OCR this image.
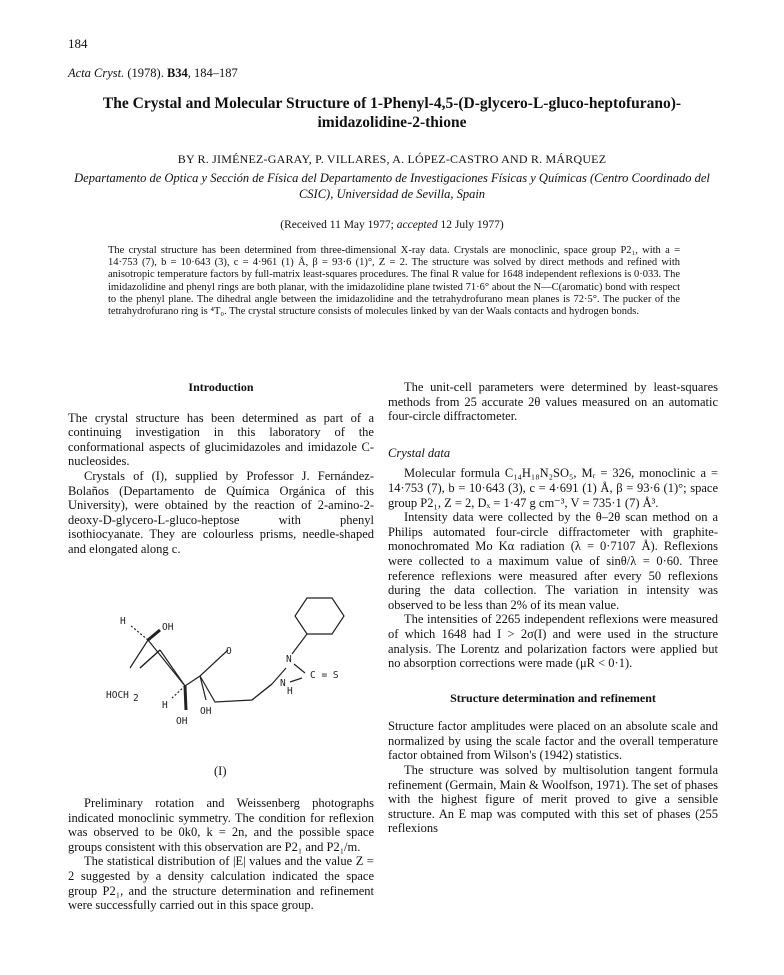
184
Acta Cryst. (1978). B34, 184–187
The Crystal and Molecular Structure of 1-Phenyl-4,5-(D-glycero-L-gluco-heptofurano)-imidazolidine-2-thione
BY R. JIMÉNEZ-GARAY, P. VILLARES, A. LÓPEZ-CASTRO AND R. MÁRQUEZ
Departamento de Optica y Sección de Física del Departamento de Investigaciones Físicas y Químicas (Centro Coordinado del CSIC), Universidad de Sevilla, Spain
(Received 11 May 1977; accepted 12 July 1977)
The crystal structure has been determined from three-dimensional X-ray data. Crystals are monoclinic, space group P2₁, with a = 14·753 (7), b = 10·643 (3), c = 4·961 (1) Å, β = 93·6 (1)°, Z = 2. The structure was solved by direct methods and refined with anisotropic temperature factors by full-matrix least-squares procedures. The final R value for 1648 independent reflexions is 0·033. The imidazolidine and phenyl rings are both planar, with the imidazolidine plane twisted 71·6° about the N—C(aromatic) bond with respect to the phenyl plane. The dihedral angle between the imidazolidine and the tetrahydrofurano mean planes is 72·5°. The pucker of the tetrahydrofurano ring is ⁴T₀. The crystal structure consists of molecules linked by van der Waals contacts and hydrogen bonds.
Introduction

The crystal structure has been determined as part of a continuing investigation in this laboratory of the conformational aspects of glucimidazoles and imidazole C-nucleosides.

Crystals of (I), supplied by Professor J. Fernández-Bolaños (Departamento de Química Orgánica of this University), were obtained by the reaction of 2-amino-2-deoxy-D-glycero-L-gluco-heptose with phenyl isothiocyanate. They are colourless prisms, needle-shaped and elongated along c.

H
OH
O
N
C = S
N
H
HOCH 2
H
OH
OH
(I)

Preliminary rotation and Weissenberg photographs indicated monoclinic symmetry. The condition for reflexion was observed to be 0k0, k = 2n, and the possible space groups consistent with this observation are P2₁ and P2₁/m.

The statistical distribution of |E| values and the value Z = 2 suggested by a density calculation indicated the space group P2₁, and the structure determination and refinement were successfully carried out in this space group.

The unit-cell parameters were determined by least-squares methods from 25 accurate 2θ values measured on an automatic four-circle diffractometer.

Crystal data

Molecular formula C₁₄H₁₈N₂SO₅, Mᵣ = 326, monoclinic a = 14·753 (7), b = 10·643 (3), c = 4·691 (1) Å, β = 93·6 (1)°; space group P2₁, Z = 2, Dₓ = 1·47 g cm⁻³, V = 735·1 (7) Å³.

Intensity data were collected by the θ–2θ scan method on a Philips automated four-circle diffractometer with graphite-monochromated Mo Kα radiation (λ = 0·7107 Å). Reflexions were collected to a maximum value of sinθ/λ = 0·60. Three reference reflexions were measured after every 50 reflexions during the data collection. The variation in intensity was observed to be less than 2% of its mean value.

The intensities of 2265 independent reflexions were measured of which 1648 had I > 2σ(I) and were used in the structure analysis. The Lorentz and polarization factors were applied but no absorption corrections were made (μR < 0·1).

Structure determination and refinement

Structure factor amplitudes were placed on an absolute scale and normalized by using the scale factor and the overall temperature factor obtained from Wilson's (1942) statistics.

The structure was solved by multisolution tangent formula refinement (Germain, Main & Woolfson, 1971). The set of phases with the highest figure of merit proved to give a sensible structure. An E map was computed with this set of phases (255 reflexions
